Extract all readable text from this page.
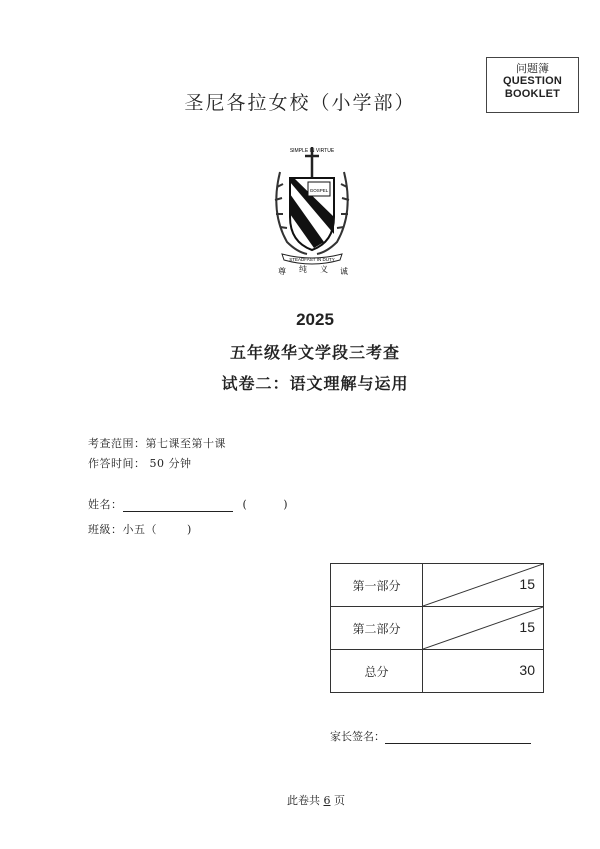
问题簿
QUESTION
BOOKLET
圣尼各拉女校（小学部）
SIMPLE IN VIRTUE
GOSPEL
STEADFAST IN DUTY
尊 纯 义 诚
2025
五年级华文学段三考查
试卷二：语文理解与运用
考查范围：第七课至第十课
作答时间： 50 分钟
姓名：	(	)
班級：小五（	)
第一部分	15

第二部分	15

总分	30
家长签名：
此卷共 6 页
